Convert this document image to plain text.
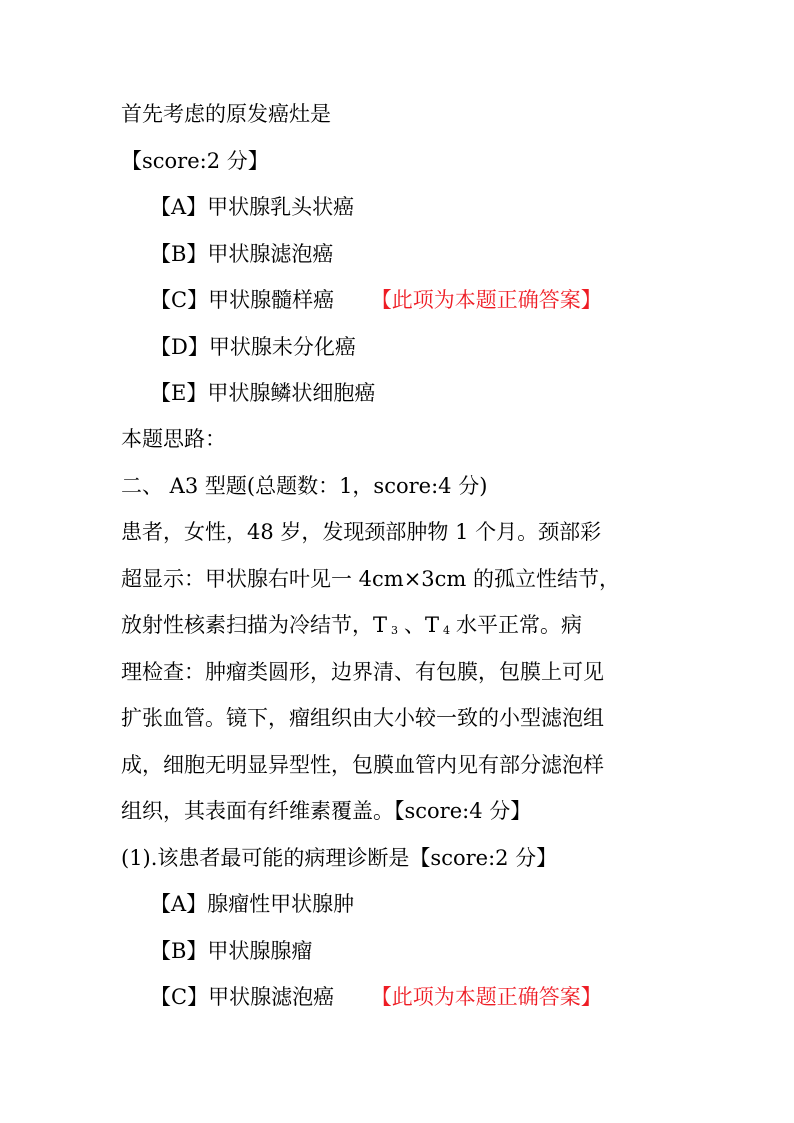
首先考虑的原发癌灶是
【score:2 分】
【A】甲状腺乳头状癌
【B】甲状腺滤泡癌
【C】甲状腺髓样癌 【此项为本题正确答案】
【D】甲状腺未分化癌
【E】甲状腺鳞状细胞癌
本题思路：
二、 A3 型题(总题数：1，score:4 分)
患者，女性，48 岁，发现颈部肿物 1 个月。颈部彩
超显示：甲状腺右叶见一 4cm×3cm 的孤立性结节，
放射性核素扫描为冷结节，T 3 、T 4 水平正常。病
理检查：肿瘤类圆形，边界清、有包膜，包膜上可见
扩张血管。镜下，瘤组织由大小较一致的小型滤泡组
成，细胞无明显异型性，包膜血管内见有部分滤泡样
组织，其表面有纤维素覆盖。【score:4 分】
(1).该患者最可能的病理诊断是【score:2 分】
【A】腺瘤性甲状腺肿
【B】甲状腺腺瘤
【C】甲状腺滤泡癌 【此项为本题正确答案】
